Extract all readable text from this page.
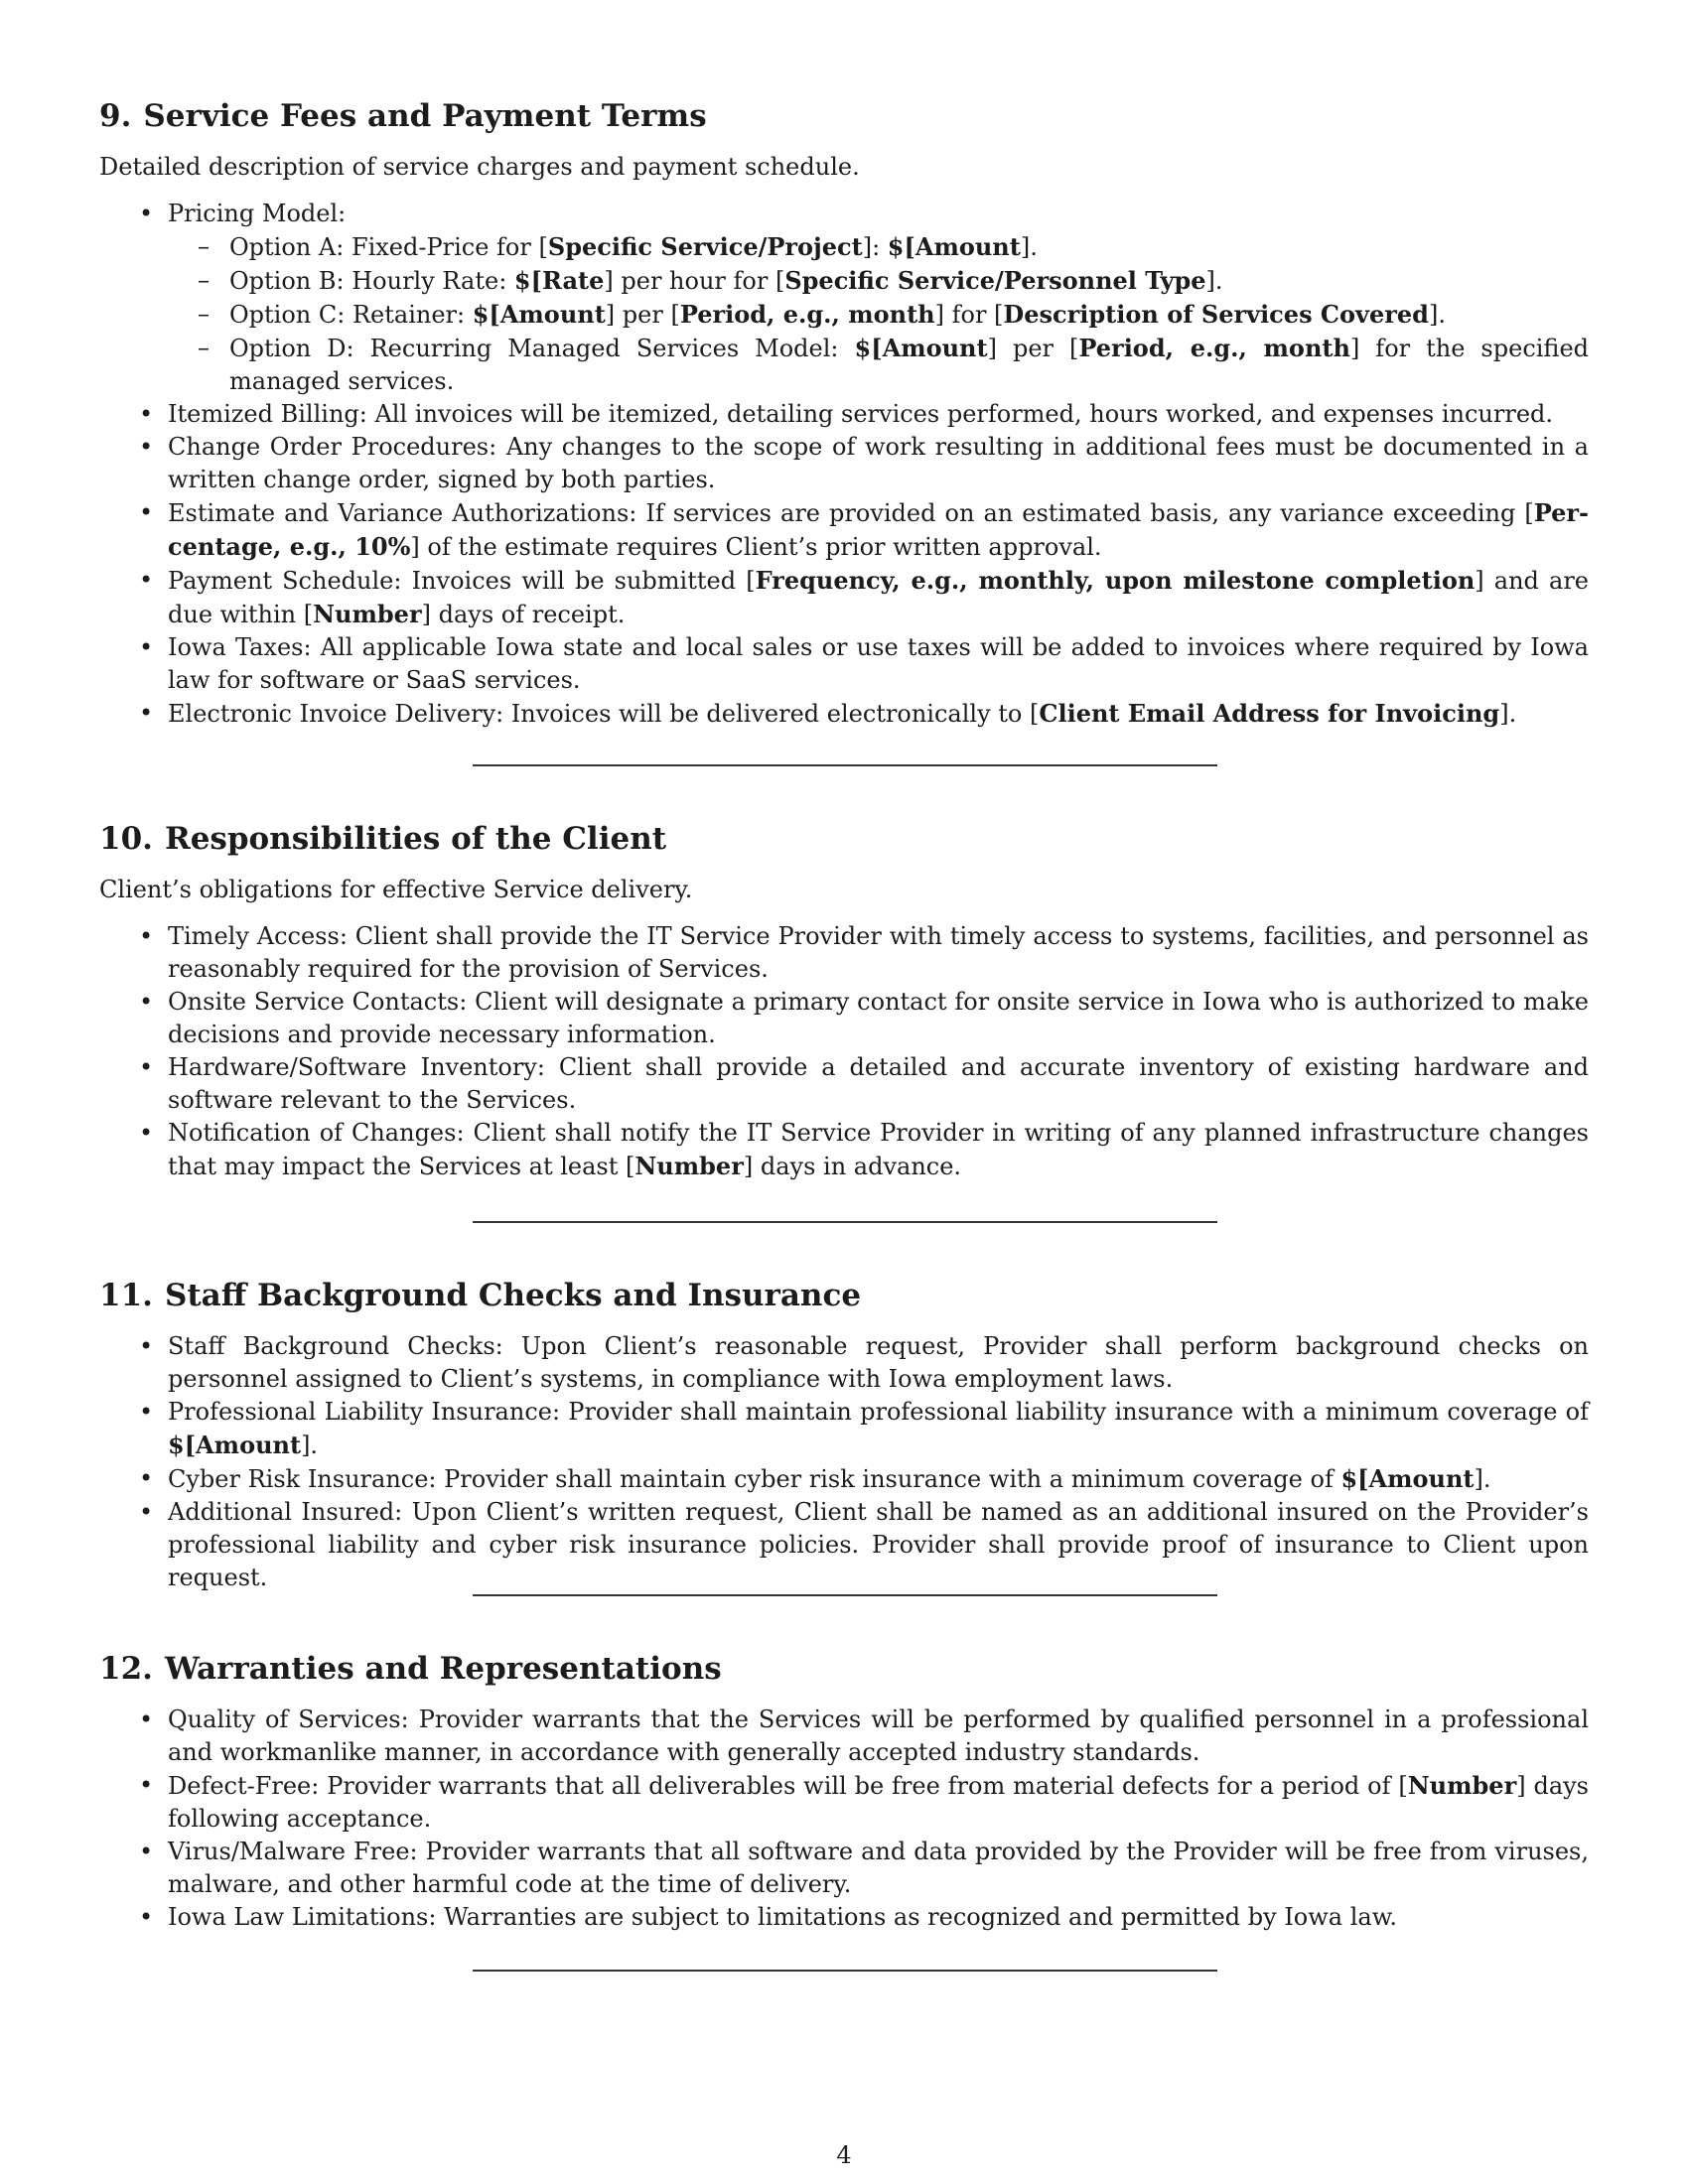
9. Service Fees and Payment Terms

Detailed description of service charges and payment schedule.

• Pricing Model:
– Option A: Fixed-Price for [Specific Service/Project]: $[Amount].
– Option B: Hourly Rate: $[Rate] per hour for [Specific Service/Personnel Type].
– Option C: Retainer: $[Amount] per [Period, e.g., month] for [Description of Services Covered].
– Option D: Recurring Managed Services Model: $[Amount] per [Period, e.g., month] for the specified managed services.
• Itemized Billing: All invoices will be itemized, detailing services performed, hours worked, and expenses incurred.
• Change Order Procedures: Any changes to the scope of work resulting in additional fees must be documented in a written change order, signed by both parties.
• Estimate and Variance Authorizations: If services are provided on an estimated basis, any variance exceeding [Per-centage, e.g., 10%] of the estimate requires Client’s prior written approval.
• Payment Schedule: Invoices will be submitted [Frequency, e.g., monthly, upon milestone completion] and are due within [Number] days of receipt.
• Iowa Taxes: All applicable Iowa state and local sales or use taxes will be added to invoices where required by Iowa law for software or SaaS services.
• Electronic Invoice Delivery: Invoices will be delivered electronically to [Client Email Address for Invoicing].
10. Responsibilities of the Client

Client’s obligations for effective Service delivery.

• Timely Access: Client shall provide the IT Service Provider with timely access to systems, facilities, and personnel as reasonably required for the provision of Services.
• Onsite Service Contacts: Client will designate a primary contact for onsite service in Iowa who is authorized to make decisions and provide necessary information.
• Hardware/Software Inventory: Client shall provide a detailed and accurate inventory of existing hardware and software relevant to the Services.
• Notification of Changes: Client shall notify the IT Service Provider in writing of any planned infrastructure changes that may impact the Services at least [Number] days in advance.
11. Staff Background Checks and Insurance
• Staff Background Checks: Upon Client’s reasonable request, Provider shall perform background checks on personnel assigned to Client’s systems, in compliance with Iowa employment laws.
• Professional Liability Insurance: Provider shall maintain professional liability insurance with a minimum coverage of $[Amount].
• Cyber Risk Insurance: Provider shall maintain cyber risk insurance with a minimum coverage of $[Amount].
• Additional Insured: Upon Client’s written request, Client shall be named as an additional insured on the Provider’s professional liability and cyber risk insurance policies. Provider shall provide proof of insurance to Client upon request.
12. Warranties and Representations
• Quality of Services: Provider warrants that the Services will be performed by qualified personnel in a professional and workmanlike manner, in accordance with generally accepted industry standards.
• Defect-Free: Provider warrants that all deliverables will be free from material defects for a period of [Number] days following acceptance.
• Virus/Malware Free: Provider warrants that all software and data provided by the Provider will be free from viruses, malware, and other harmful code at the time of delivery.
• Iowa Law Limitations: Warranties are subject to limitations as recognized and permitted by Iowa law.
4
